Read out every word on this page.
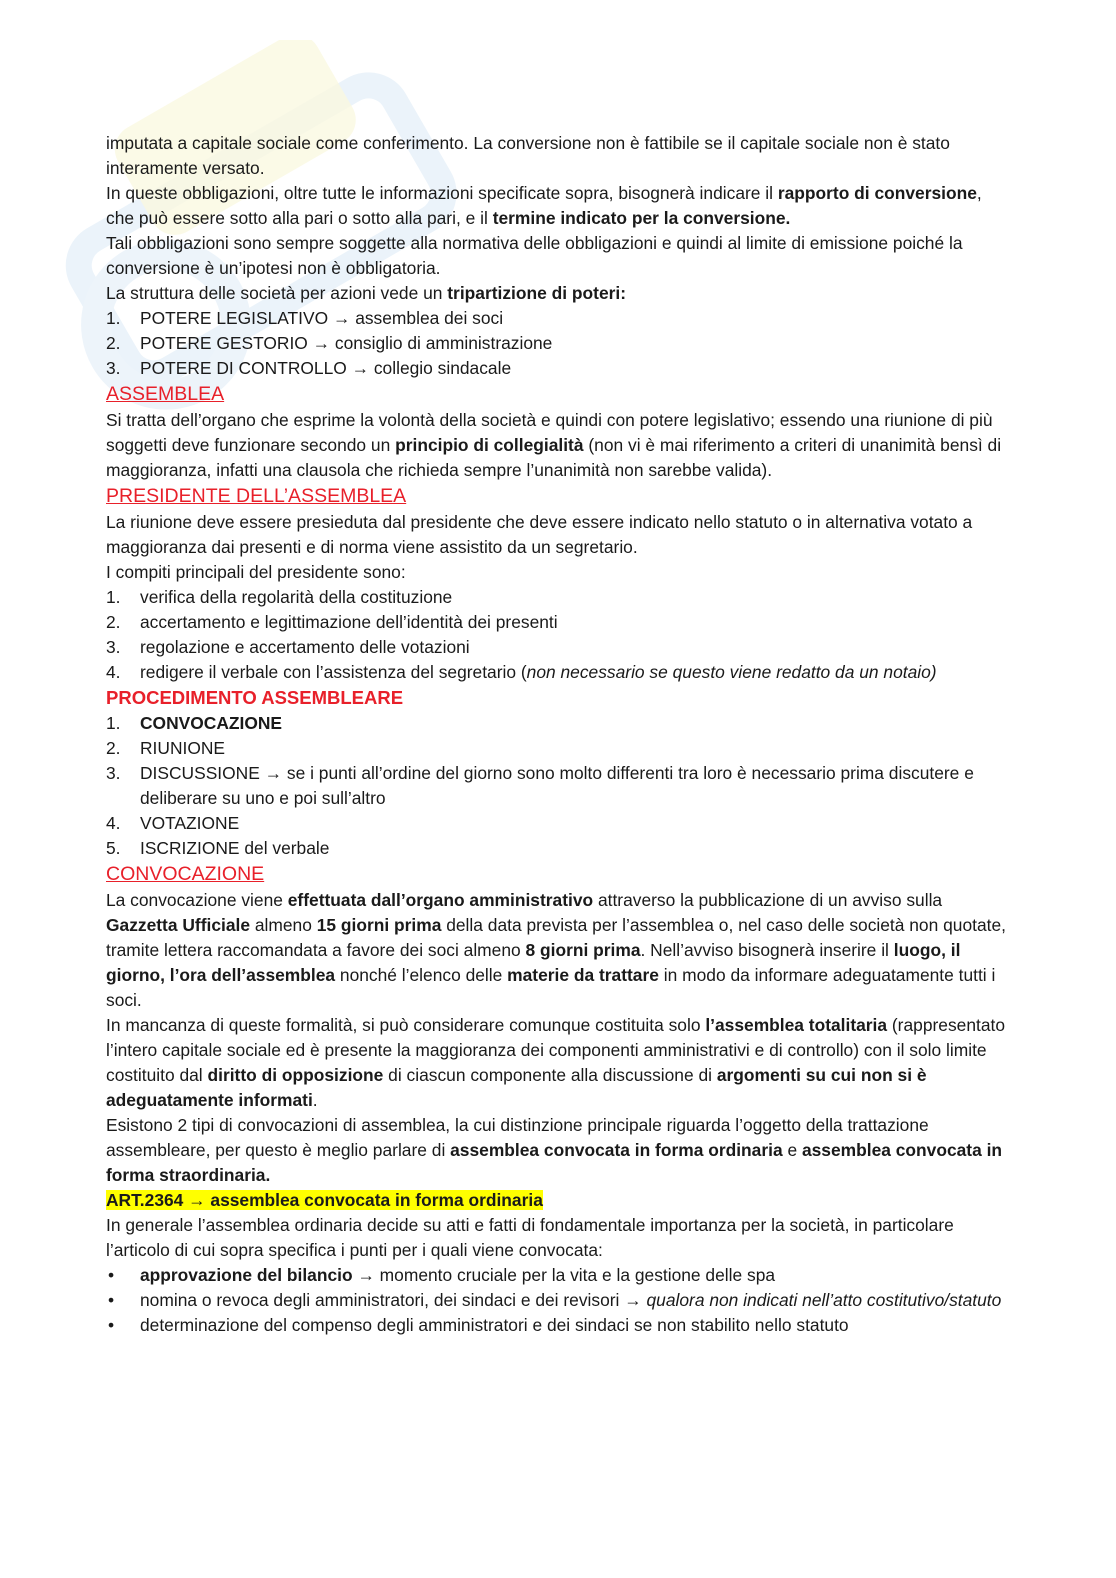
imputata a capitale sociale come conferimento. La conversione non è fattibile se il capitale sociale non è stato interamente versato.

In queste obbligazioni, oltre tutte le informazioni specificate sopra, bisognerà indicare il rapporto di conversione, che può essere sotto alla pari o sotto alla pari, e il termine indicato per la conversione.

Tali obbligazioni sono sempre soggette alla normativa delle obbligazioni e quindi al limite di emissione poiché la conversione è un’ipotesi non è obbligatoria.

La struttura delle società per azioni vede un tripartizione di poteri:

1.	POTERE LEGISLATIVO → assemblea dei soci
2.	POTERE GESTORIO → consiglio di amministrazione
3.	POTERE DI CONTROLLO → collegio sindacale

ASSEMBLEA

Si tratta dell’organo che esprime la volontà della società e quindi con potere legislativo; essendo una riunione di più soggetti deve funzionare secondo un principio di collegialità (non vi è mai riferimento a criteri di unanimità bensì di maggioranza, infatti una clausola che richieda sempre l’unanimità non sarebbe valida).

PRESIDENTE DELL’ASSEMBLEA

La riunione deve essere presieduta dal presidente che deve essere indicato nello statuto o in alternativa votato a maggioranza dai presenti e di norma viene assistito da un segretario.

I compiti principali del presidente sono:

1.	verifica della regolarità della costituzione
2.	accertamento e legittimazione dell’identità dei presenti
3.	regolazione e accertamento delle votazioni
4.	redigere il verbale con l’assistenza del segretario (non necessario se questo viene redatto da un notaio)

PROCEDIMENTO ASSEMBLEARE

1.	CONVOCAZIONE
2.	RIUNIONE
3.	DISCUSSIONE → se i punti all’ordine del giorno sono molto differenti tra loro è necessario prima discutere e deliberare su uno e poi sull’altro
4.	VOTAZIONE
5.	ISCRIZIONE del verbale

CONVOCAZIONE

La convocazione viene effettuata dall’organo amministrativo attraverso la pubblicazione di un avviso sulla Gazzetta Ufficiale almeno 15 giorni prima della data prevista per l’assemblea o, nel caso delle società non quotate, tramite lettera raccomandata a favore dei soci almeno 8 giorni prima. Nell’avviso bisognerà inserire il luogo, il giorno, l’ora dell’assemblea nonché l’elenco delle materie da trattare in modo da informare adeguatamente tutti i soci.

In mancanza di queste formalità, si può considerare comunque costituita solo l’assemblea totalitaria (rappresentato l’intero capitale sociale ed è presente la maggioranza dei componenti amministrativi e di controllo) con il solo limite costituito dal diritto di opposizione di ciascun componente alla discussione di argomenti su cui non si è adeguatamente informati.

Esistono 2 tipi di convocazioni di assemblea, la cui distinzione principale riguarda l’oggetto della trattazione assembleare, per questo è meglio parlare di assemblea convocata in forma ordinaria e assemblea convocata in forma straordinaria.

ART.2364 → assemblea convocata in forma ordinaria

In generale l’assemblea ordinaria decide su atti e fatti di fondamentale importanza per la società, in particolare l’articolo di cui sopra specifica i punti per i quali viene convocata:

•	approvazione del bilancio → momento cruciale per la vita e la gestione delle spa
•	nomina o revoca degli amministratori, dei sindaci e dei revisori → qualora non indicati nell’atto costitutivo/statuto
•	determinazione del compenso degli amministratori e dei sindaci se non stabilito nello statuto
